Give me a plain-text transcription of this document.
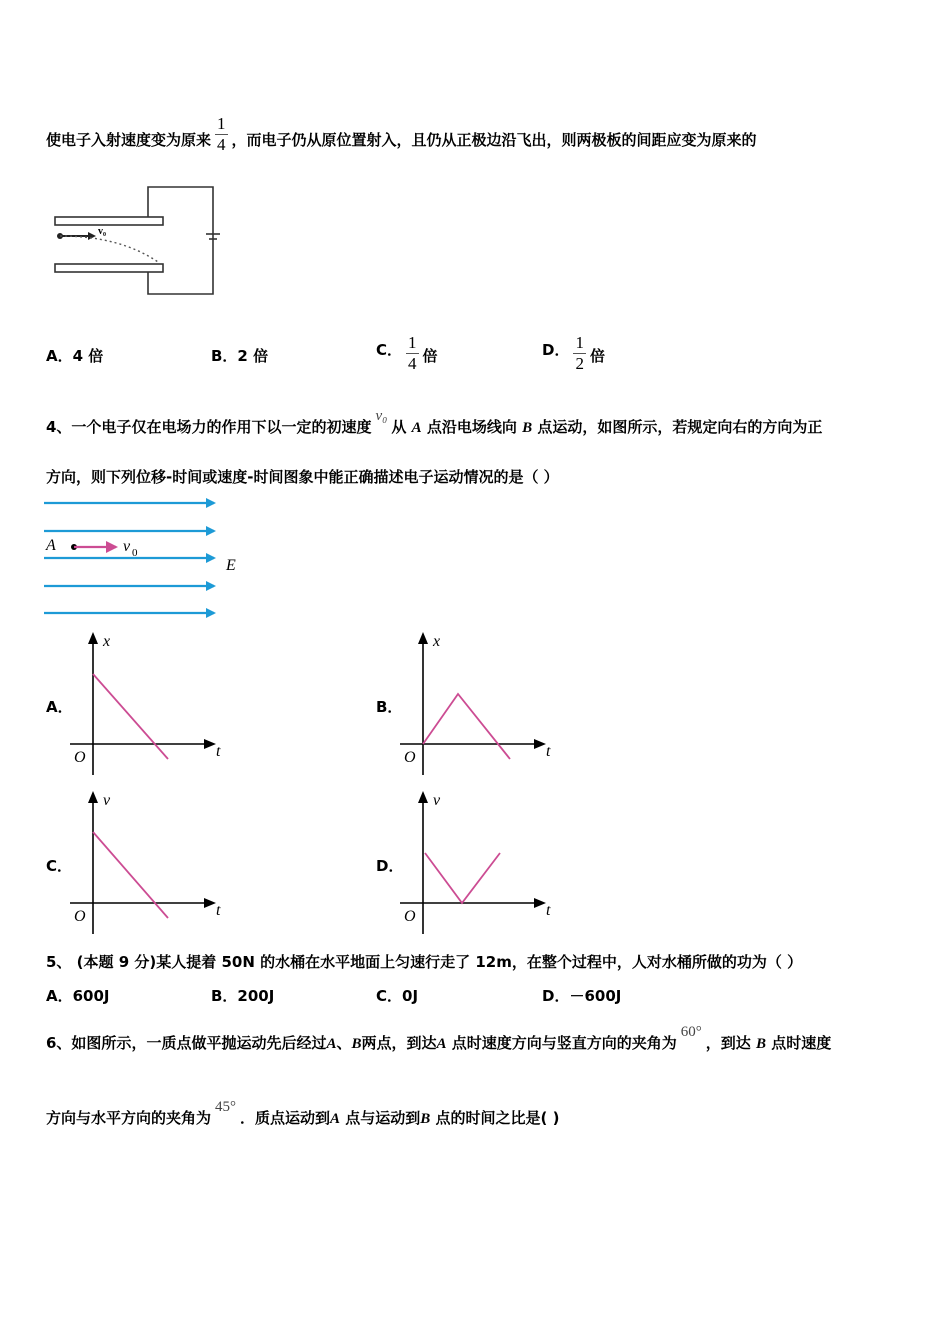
使电子入射速度变为原来 $\frac{1}{4}$ ，而电子仍从原位置射入，且仍从正极边沿飞出，则两极板的间距应变为原来的
v₀
A．4 倍	B．2 倍	C． $\frac{1}{4}$ 倍	D． $\frac{1}{2}$ 倍
4、一个电子仅在电场力的作用下以一定的初速度v₀从 A 点沿电场线向 B 点运动，如图所示，若规定向右的方向为正
方向，则下列位移-时间或速度-时间图象中能正确描述电子运动情况的是（ ）
A	v 0
E
A．
x
t
O
B．
x
t
O
C．
v
t
O
D．
v
t
O
5、 (本题 9 分)某人提着 50N 的水桶在水平地面上匀速行走了 12m，在整个过程中，人对水桶所做的功为（ ）
A．600J	B．200J	C．0J	D．－600J
6、如图所示，一质点做平抛运动先后经过A、B两点，到达A 点时速度方向与竖直方向的夹角为60°，到达 B 点时速度
方向与水平方向的夹角为45°．质点运动到A 点与运动到B 点的时间之比是( )
